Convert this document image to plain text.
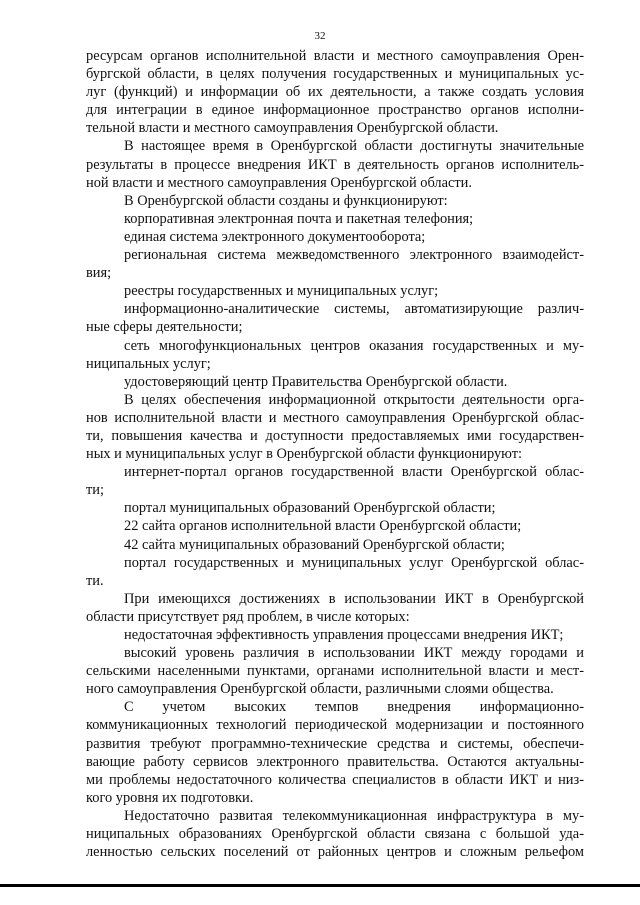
32
ресурсам органов исполнительной власти и местного самоуправления Орен-
бургской области, в целях получения государственных и муниципальных ус-
луг (функций) и информации об их деятельности, а также создать условия
для интеграции в единое информационное пространство органов исполни-
тельной власти и местного самоуправления Оренбургской области.
В настоящее время в Оренбургской области достигнуты значительные
результаты в процессе внедрения ИКТ в деятельность органов исполнитель-
ной власти и местного самоуправления Оренбургской области.
В Оренбургской области созданы и функционируют:
корпоративная электронная почта и пакетная телефония;
единая система электронного документооборота;
региональная система межведомственного электронного взаимодейст-
вия;
реестры государственных и муниципальных услуг;
информационно-аналитические системы, автоматизирующие различ-
ные сферы деятельности;
сеть многофункциональных центров оказания государственных и му-
ниципальных услуг;
удостоверяющий центр Правительства Оренбургской области.
В целях обеспечения информационной открытости деятельности орга-
нов исполнительной власти и местного самоуправления Оренбургской облас-
ти, повышения качества и доступности предоставляемых ими государствен-
ных и муниципальных услуг в Оренбургской области функционируют:
интернет-портал органов государственной власти Оренбургской облас-
ти;
портал муниципальных образований Оренбургской области;
22 сайта органов исполнительной власти Оренбургской области;
42 сайта муниципальных образований Оренбургской области;
портал государственных и муниципальных услуг Оренбургской облас-
ти.
При имеющихся достижениях в использовании ИКТ в Оренбургской
области присутствует ряд проблем, в числе которых:
недостаточная эффективность управления процессами внедрения ИКТ;
высокий уровень различия в использовании ИКТ между городами и
сельскими населенными пунктами, органами исполнительной власти и мест-
ного самоуправления Оренбургской области, различными слоями общества.
С учетом высоких темпов внедрения информационно-
коммуникационных технологий периодической модернизации и постоянного
развития требуют программно-технические средства и системы, обеспечи-
вающие работу сервисов электронного правительства. Остаются актуальны-
ми проблемы недостаточного количества специалистов в области ИКТ и низ-
кого уровня их подготовки.
Недостаточно развитая телекоммуникационная инфраструктура в му-
ниципальных образованиях Оренбургской области связана с большой уда-
ленностью сельских поселений от районных центров и сложным рельефом
